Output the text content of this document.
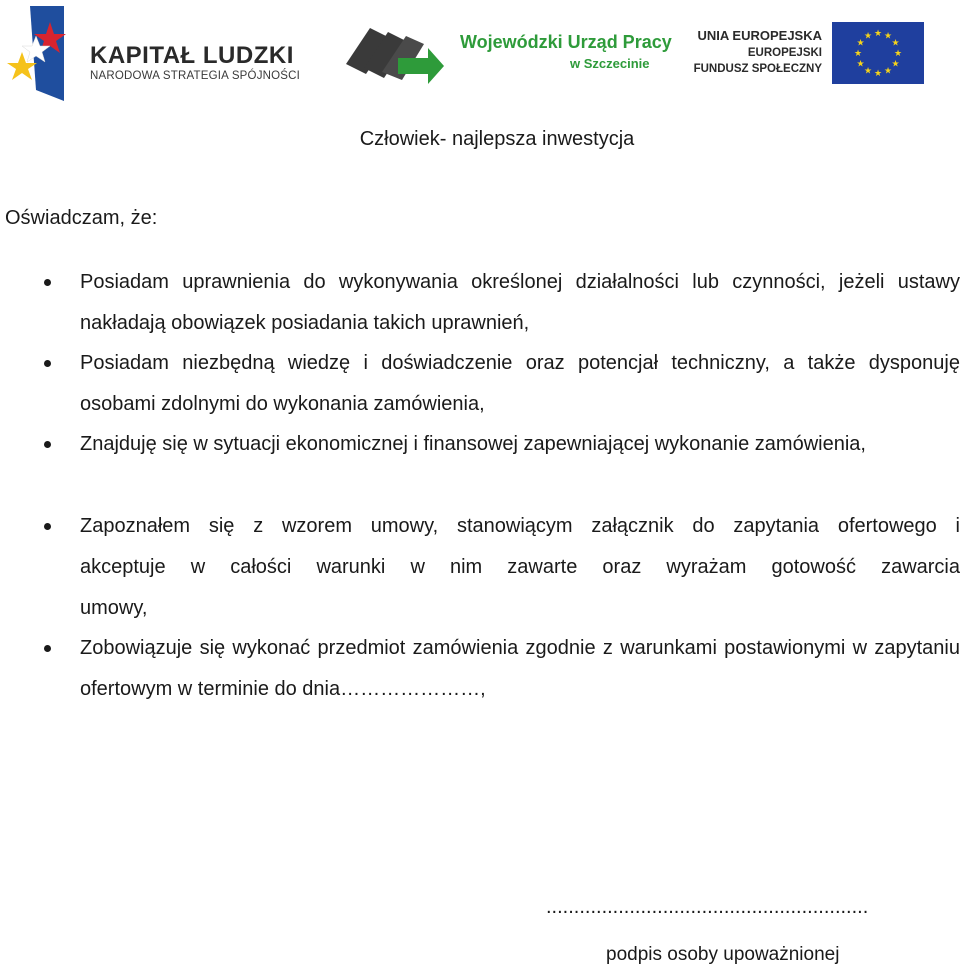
KAPITAŁ LUDZKI
NARODOWA STRATEGIA SPÓJNOŚCI
Wojewódzki Urząd Pracy
w Szczecinie
UNIA EUROPEJSKA
EUROPEJSKI
FUNDUSZ SPOŁECZNY
★ ★
★
★
★
★
★
★
★
★
★
★
Człowiek- najlepsza inwestycja
Oświadczam, że:
Posiadam uprawnienia do wykonywania określonej działalności lub czynności, jeżeli ustawy nakładają obowiązek posiadania takich uprawnień,
Posiadam niezbędną wiedzę i doświadczenie oraz potencjał techniczny, a także dysponuję osobami zdolnymi do wykonania zamówienia,
Znajduję się w sytuacji ekonomicznej i finansowej zapewniającej wykonanie zamówienia,
Zapoznałem się z wzorem umowy, stanowiącym załącznik do zapytania ofertowego i
akceptuje w całości warunki w nim zawarte oraz wyrażam gotowość zawarcia
umowy,
Zobowiązuje się wykonać przedmiot zamówienia zgodnie z warunkami postawionymi w zapytaniu ofertowym w terminie do dnia…………………,
..........................................................
podpis osoby upoważnionej
